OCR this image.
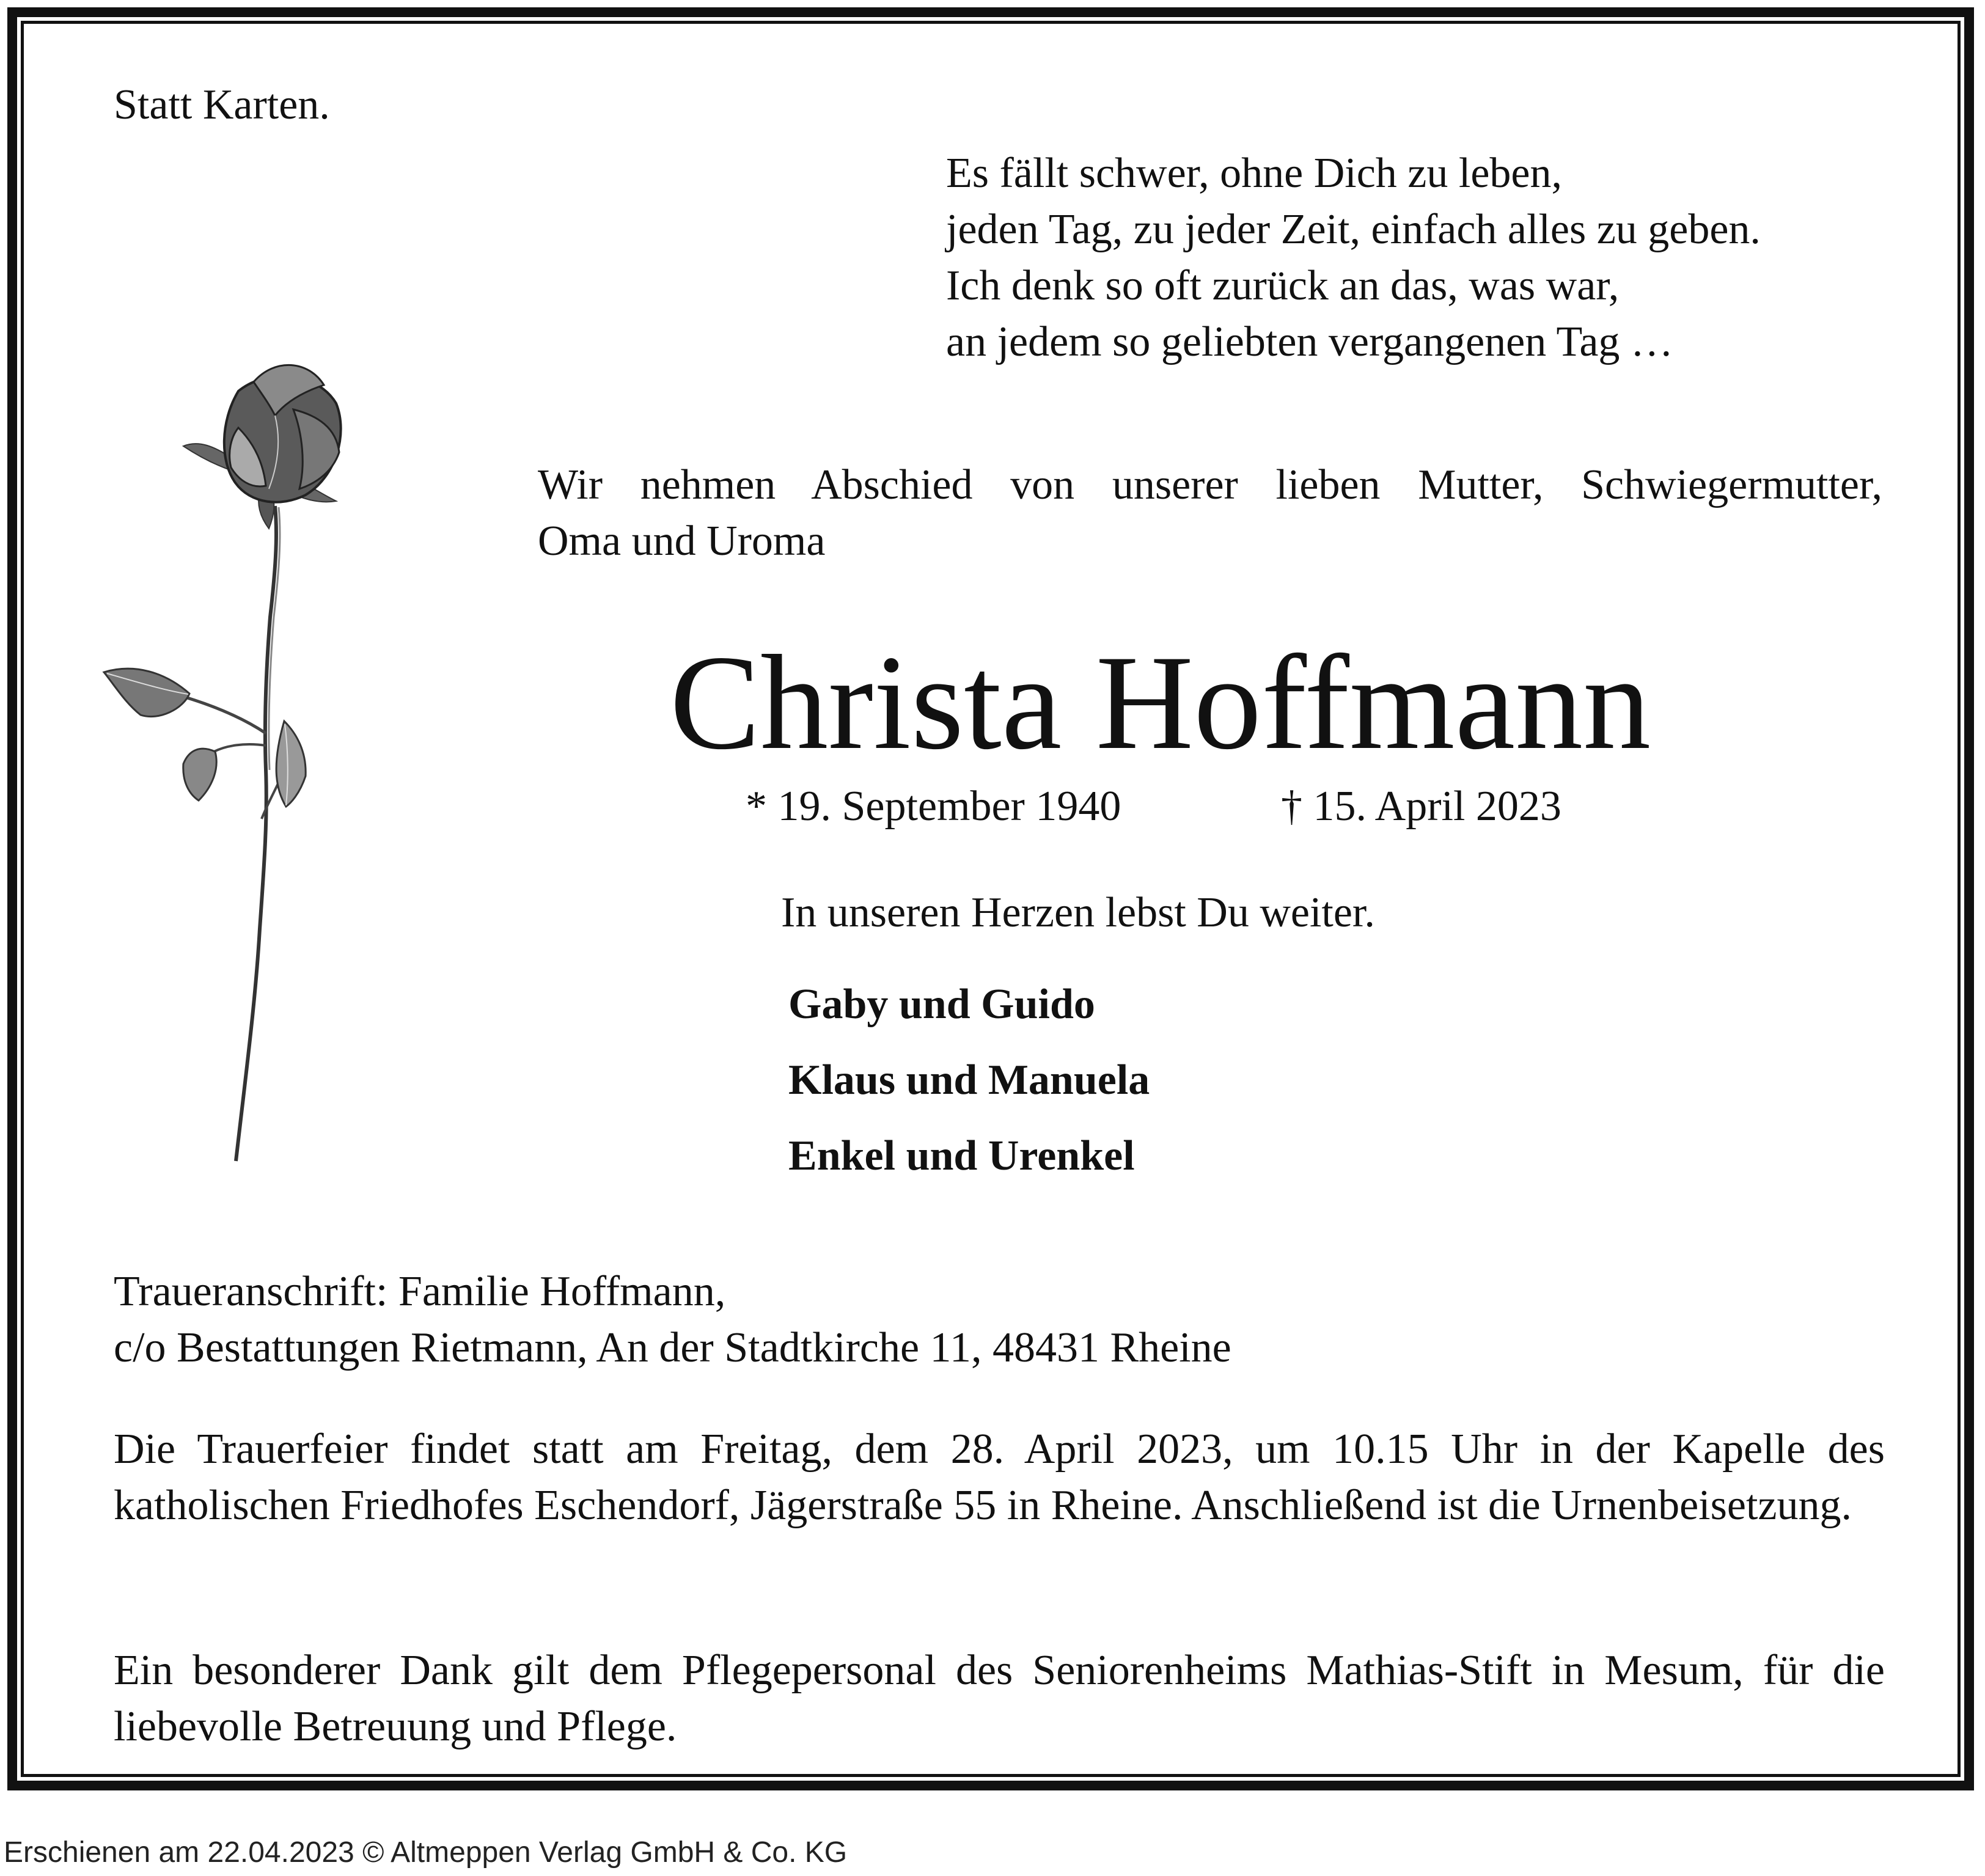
Statt Karten.

Es fällt schwer, ohne Dich zu leben,
jeden Tag, zu jeder Zeit, einfach alles zu geben.
Ich denk so oft zurück an das, was war,
an jedem so geliebten vergangenen Tag …
Wir nehmen Abschied von unserer lieben Mutter, Schwiegermutter,
Oma und Uroma
Christa Hoffmann

* 19. September 1940	† 15. April 2023

In unseren Herzen lebst Du weiter.

Gaby und Guido
Klaus und Manuela
Enkel und Urenkel
Traueranschrift: Familie Hoffmann,
c/o Bestattungen Rietmann, An der Stadtkirche 11, 48431 Rheine

Die Trauerfeier findet statt am Freitag, dem 28. April 2023, um 10.15 Uhr in der Kapelle des katholischen Friedhofes Eschendorf, Jägerstraße 55 in Rheine. Anschließend ist die Urnenbeisetzung.

Ein besonderer Dank gilt dem Pflegepersonal des Seniorenheims Mathias-Stift in Mesum, für die liebevolle Betreuung und Pflege.

Erschienen am 22.04.2023 © Altmeppen Verlag GmbH & Co. KG
